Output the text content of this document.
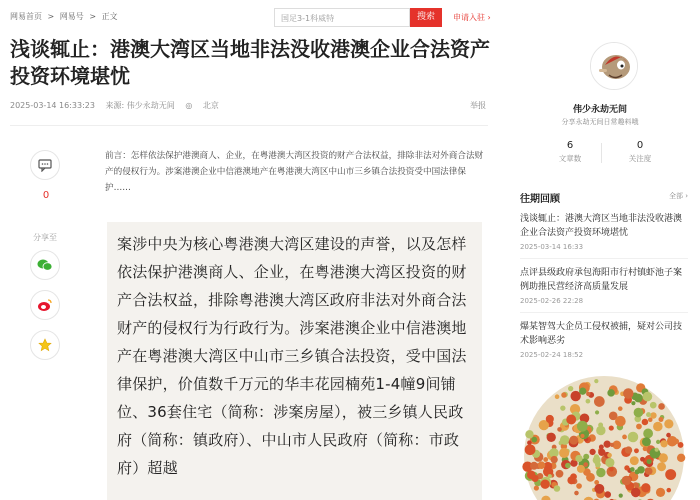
网易首页 > 网易号 > 正文	国足3-1科威特	搜索	申请入驻 ›
浅谈辄止：港澳大湾区当地非法没收港澳企业合法资产投资环境堪忧
2025-03-14 16:33:23 来源: 伟少永劫无间 ◎ 北京	举报
0
分享至
前言：怎样依法保护港澳商人、企业，在粤港澳大湾区投资的财产合法权益，排除非法对外商合法财产的侵权行为。涉案港澳企业中信港澳地产在粤港澳大湾区中山市三乡镇合法投资受中国法律保护……
案涉中央为核心粤港澳大湾区建设的声誉，以及怎样依法保护港澳商人、企业，在粤港澳大湾区投资的财产合法权益，排除粤港澳大湾区政府非法对外商合法财产的侵权行为行政行为。涉案港澳企业中信港澳地产在粤港澳大湾区中山市三乡镇合法投资，受中国法律保护，价值数千万元的华丰花园楠苑1-4幢9间铺位、36套住宅（简称：涉案房屋），被三乡镇人民政府（简称：镇政府）、中山市人民政府（简称：市政府）超越
伟少永劫无间
分享永劫无间日常趣料哦
6
文章数
0
关注度
往期回顾	全部 ›
浅谈辄止：港澳大湾区当地非法没收港澳企业合法资产投资环境堪忧
2025-03-14 16:33
点评县级政府承包海阳市行村镇虾池子案例助推民营经济高质量发展
2025-02-26 22:28
爆某智驾大企员工侵权被捕，疑对公司技术影响恶劣
2025-02-24 18:52
